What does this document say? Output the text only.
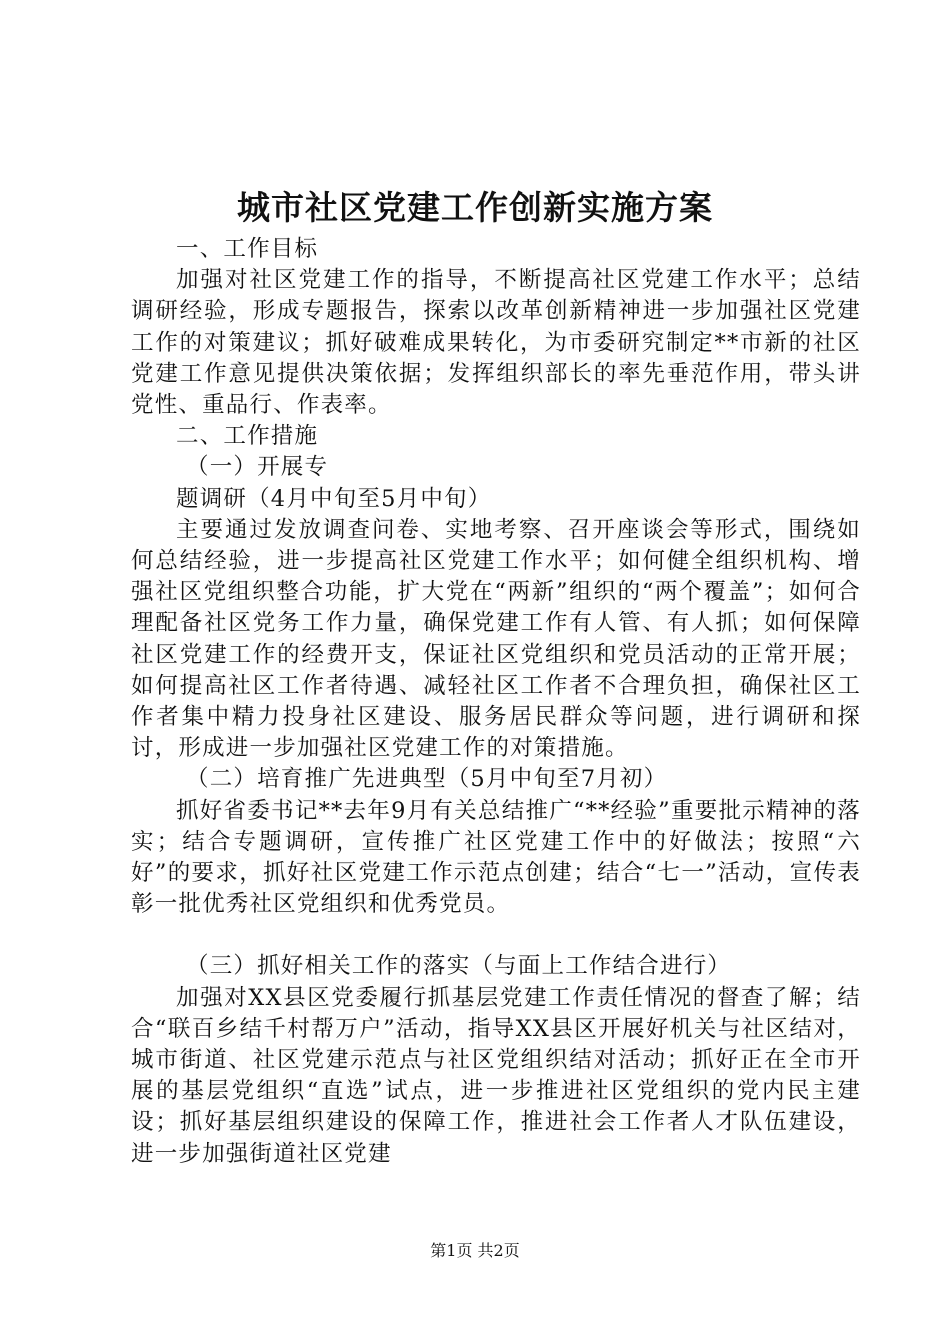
城市社区党建工作创新实施方案

一、工作目标

加强对社区党建工作的指导，不断提高社区党建工作水平；总结调研经验，形成专题报告，探索以改革创新精神进一步加强社区党建工作的对策建议；抓好破难成果转化，为市委研究制定**市新的社区党建工作意见提供决策依据；发挥组织部长的率先垂范作用，带头讲党性、重品行、作表率。

二、工作措施

（一）开展专

题调研（4月中旬至5月中旬）

主要通过发放调查问卷、实地考察、召开座谈会等形式，围绕如何总结经验，进一步提高社区党建工作水平；如何健全组织机构、增强社区党组织整合功能，扩大党在“两新”组织的“两个覆盖”；如何合理配备社区党务工作力量，确保党建工作有人管、有人抓；如何保障社区党建工作的经费开支，保证社区党组织和党员活动的正常开展；如何提高社区工作者待遇、减轻社区工作者不合理负担，确保社区工作者集中精力投身社区建设、服务居民群众等问题，进行调研和探讨，形成进一步加强社区党建工作的对策措施。

（二）培育推广先进典型（5月中旬至7月初）

抓好省委书记**去年9月有关总结推广“**经验”重要批示精神的落实；结合专题调研，宣传推广社区党建工作中的好做法；按照“六好”的要求，抓好社区党建工作示范点创建；结合“七一”活动，宣传表彰一批优秀社区党组织和优秀党员。

（三）抓好相关工作的落实（与面上工作结合进行）

加强对XX县区党委履行抓基层党建工作责任情况的督查了解；结合“联百乡结千村帮万户”活动，指导XX县区开展好机关与社区结对，城市街道、社区党建示范点与社区党组织结对活动；抓好正在全市开展的基层党组织“直选”试点，进一步推进社区党组织的党内民主建设；抓好基层组织建设的保障工作，推进社会工作者人才队伍建设，进一步加强街道社区党建

第1页 共2页
